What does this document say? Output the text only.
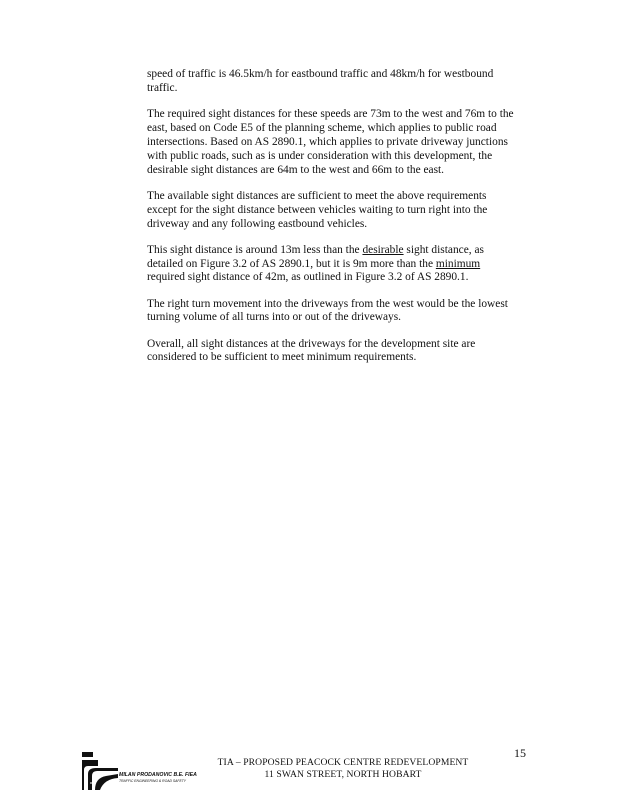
speed of traffic is 46.5km/h for eastbound traffic and 48km/h for westbound traffic.

The required sight distances for these speeds are 73m to the west and 76m to the east, based on Code E5 of the planning scheme, which applies to public road intersections. Based on AS 2890.1, which applies to private driveway junctions with public roads, such as is under consideration with this development, the desirable sight distances are 64m to the west and 66m to the east.

The available sight distances are sufficient to meet the above requirements except for the sight distance between vehicles waiting to turn right into the driveway and any following eastbound vehicles.

This sight distance is around 13m less than the desirable sight distance, as detailed on Figure 3.2 of AS 2890.1, but it is 9m more than the minimum required sight distance of 42m, as outlined in Figure 3.2 of AS 2890.1.

The right turn movement into the driveways from the west would be the lowest turning volume of all turns into or out of the driveways.

Overall, all sight distances at the driveways for the development site are considered to be sufficient to meet minimum requirements.

MILAN PRODANOVIC B.E. FIEA
TRAFFIC ENGINEERING & ROAD SAFETY
15
TIA – PROPOSED PEACOCK CENTRE REDEVELOPMENT
11 SWAN STREET, NORTH HOBART
